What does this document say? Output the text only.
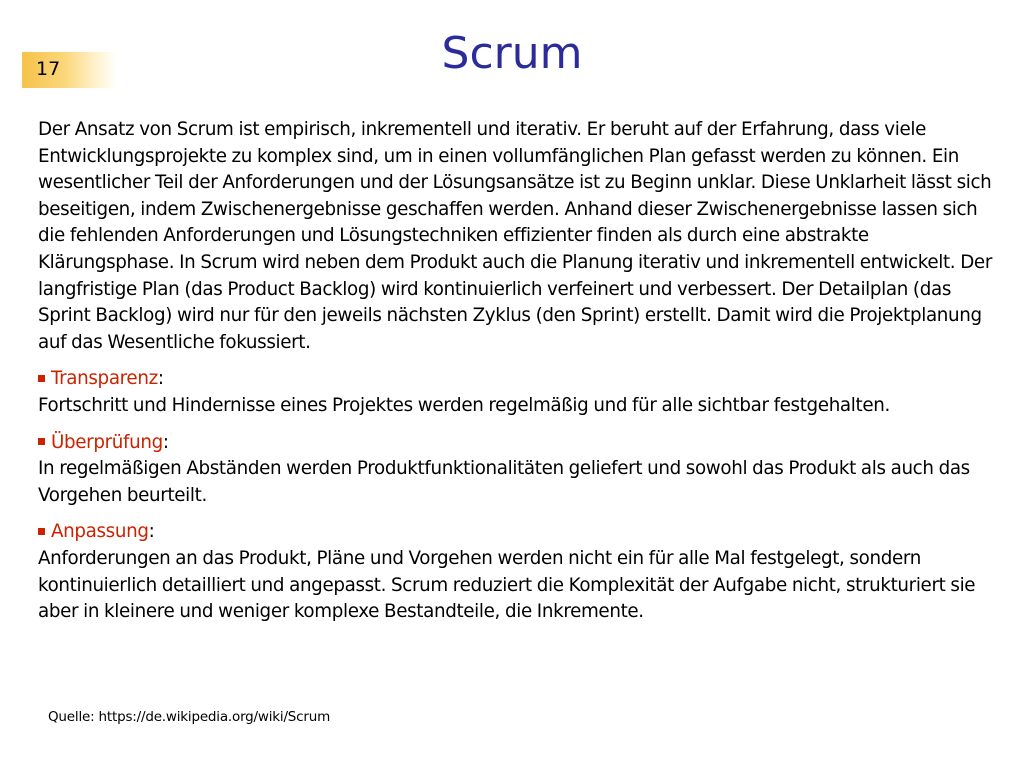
17	Scrum

Der Ansatz von Scrum ist empirisch, inkrementell und iterativ. Er beruht auf der Erfahrung, dass viele Entwicklungsprojekte zu komplex sind, um in einen vollumfänglichen Plan gefasst werden zu können. Ein wesentlicher Teil der Anforderungen und der Lösungsansätze ist zu Beginn unklar. Diese Unklarheit lässt sich beseitigen, indem Zwischenergebnisse geschaffen werden. Anhand dieser Zwischenergebnisse lassen sich die fehlenden Anforderungen und Lösungstechniken effizienter finden als durch eine abstrakte Klärungsphase. In Scrum wird neben dem Produkt auch die Planung iterativ und inkrementell entwickelt. Der langfristige Plan (das Product Backlog) wird kontinuierlich verfeinert und verbessert. Der Detailplan (das Sprint Backlog) wird nur für den jeweils nächsten Zyklus (den Sprint) erstellt. Damit wird die Projektplanung auf das Wesentliche fokussiert.

Transparenz:
Fortschritt und Hindernisse eines Projektes werden regelmäßig und für alle sichtbar festgehalten.
Überprüfung:
In regelmäßigen Abständen werden Produktfunktionalitäten geliefert und sowohl das Produkt als auch das Vorgehen beurteilt.
Anpassung:
Anforderungen an das Produkt, Pläne und Vorgehen werden nicht ein für alle Mal festgelegt, sondern kontinuierlich detailliert und angepasst. Scrum reduziert die Komplexität der Aufgabe nicht, strukturiert sie aber in kleinere und weniger komplexe Bestandteile, die Inkremente.
Quelle: https://de.wikipedia.org/wiki/Scrum
